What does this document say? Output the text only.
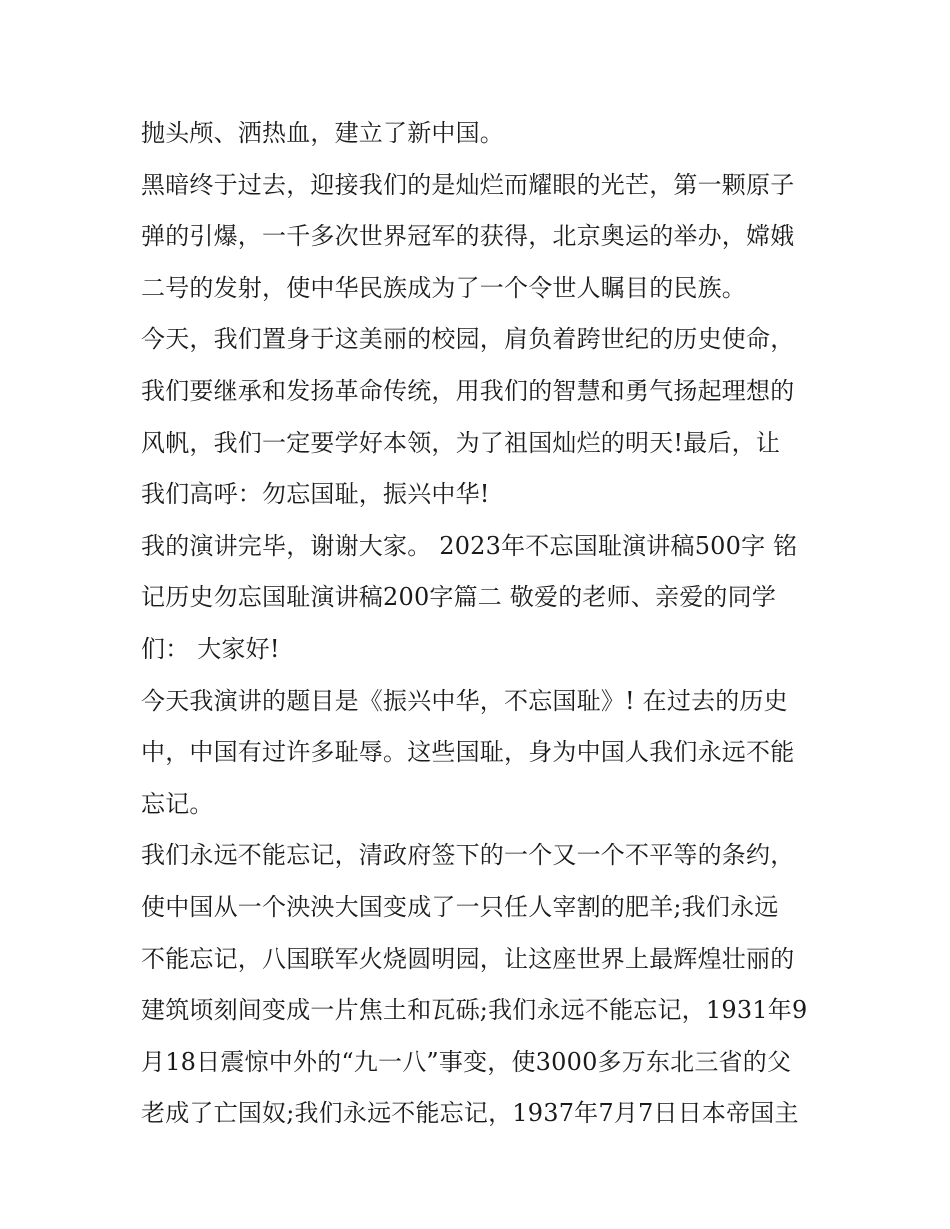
抛头颅、洒热血，建立了新中国。
黑暗终于过去，迎接我们的是灿烂而耀眼的光芒，第一颗原子
弹的引爆，一千多次世界冠军的获得，北京奥运的举办，嫦娥
二号的发射，使中华民族成为了一个令世人瞩目的民族。
今天，我们置身于这美丽的校园，肩负着跨世纪的历史使命，
我们要继承和发扬革命传统，用我们的智慧和勇气扬起理想的
风帆，我们一定要学好本领，为了祖国灿烂的明天!最后，让
我们高呼：勿忘国耻，振兴中华!
我的演讲完毕，谢谢大家。 2023年不忘国耻演讲稿500字 铭
记历史勿忘国耻演讲稿200字篇二 敬爱的老师、亲爱的同学
们： 大家好!
今天我演讲的题目是《振兴中华，不忘国耻》! 在过去的历史
中，中国有过许多耻辱。这些国耻，身为中国人我们永远不能
忘记。
我们永远不能忘记，清政府签下的一个又一个不平等的条约，
使中国从一个泱泱大国变成了一只任人宰割的肥羊;我们永远
不能忘记，八国联军火烧圆明园，让这座世界上最辉煌壮丽的
建筑顷刻间变成一片焦土和瓦砾;我们永远不能忘记，1931年9
月18日震惊中外的“九一八”事变，使3000多万东北三省的父
老成了亡国奴;我们永远不能忘记，1937年7月7日日本帝国主
